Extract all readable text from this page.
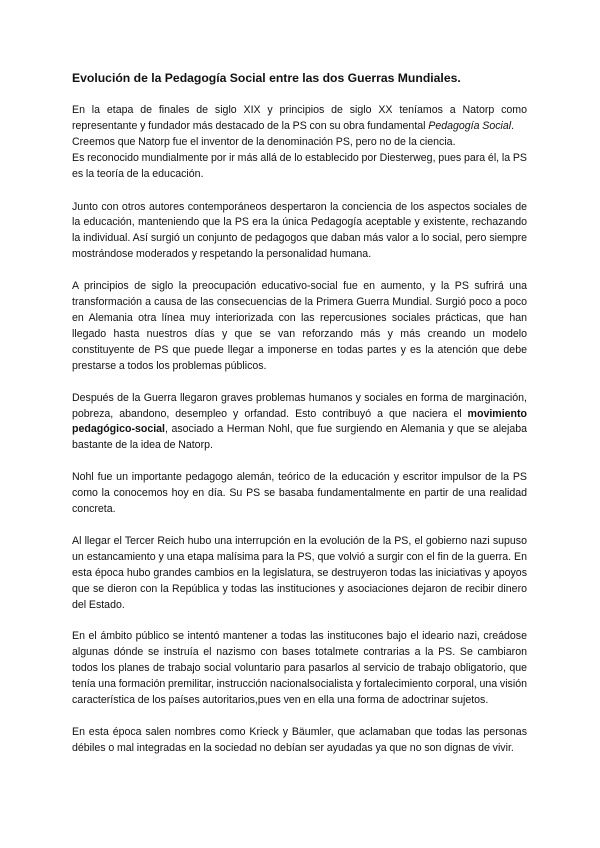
Evolución de la Pedagogía Social entre las dos Guerras Mundiales.
En la etapa de finales de siglo XIX y principios de siglo XX teníamos a Natorp como representante y fundador más destacado de la PS con su obra fundamental Pedagogía Social.
Creemos que Natorp fue el inventor de la denominación PS, pero no de la ciencia.
Es reconocido mundialmente por ir más allá de lo establecido por Diesterweg, pues para él, la PS es la teoría de la educación.
Junto con otros autores contemporáneos despertaron la conciencia de los aspectos sociales de la educación, manteniendo que la PS era la única Pedagogía aceptable y existente, rechazando la individual. Así surgió un conjunto de pedagogos que daban más valor a lo social, pero siempre mostrándose moderados y respetando la personalidad humana.
A principios de siglo la preocupación educativo-social fue en aumento, y la PS sufrirá una transformación a causa de las consecuencias de la Primera Guerra Mundial. Surgió poco a poco en Alemania otra línea muy interiorizada con las repercusiones sociales prácticas, que han llegado hasta nuestros días y que se van reforzando más y más creando un modelo constituyente de PS que puede llegar a imponerse en todas partes y es la atención que debe prestarse a todos los problemas públicos.
Después de la Guerra llegaron graves problemas humanos y sociales en forma de marginación, pobreza, abandono, desempleo y orfandad. Esto contribuyó a que naciera el movimiento pedagógico-social, asociado a Herman Nohl, que fue surgiendo en Alemania y que se alejaba bastante de la idea de Natorp.
Nohl fue un importante pedagogo alemán, teórico de la educación y escritor impulsor de la PS como la conocemos hoy en día. Su PS se basaba fundamentalmente en partir de una realidad concreta.
Al llegar el Tercer Reich hubo una interrupción en la evolución de la PS, el gobierno nazi supuso un estancamiento y una etapa malísima para la PS, que volvió a surgir con el fin de la guerra. En esta época hubo grandes cambios en la legislatura, se destruyeron todas las iniciativas y apoyos que se dieron con la República y todas las instituciones y asociaciones dejaron de recibir dinero del Estado.
En el ámbito público se intentó mantener a todas las institucones bajo el ideario nazi, creádose algunas dónde se instruía el nazismo con bases totalmete contrarias a la PS. Se cambiaron todos los planes de trabajo social voluntario para pasarlos al servicio de trabajo obligatorio, que tenía una formación premilitar, instrucción nacionalsocialista y fortalecimiento corporal, una visión característica de los países autoritarios,pues ven en ella una forma de adoctrinar sujetos.
En esta época salen nombres como Krieck y Bäumler, que aclamaban que todas las personas débiles o mal integradas en la sociedad no debían ser ayudadas ya que no son dignas de vivir.
